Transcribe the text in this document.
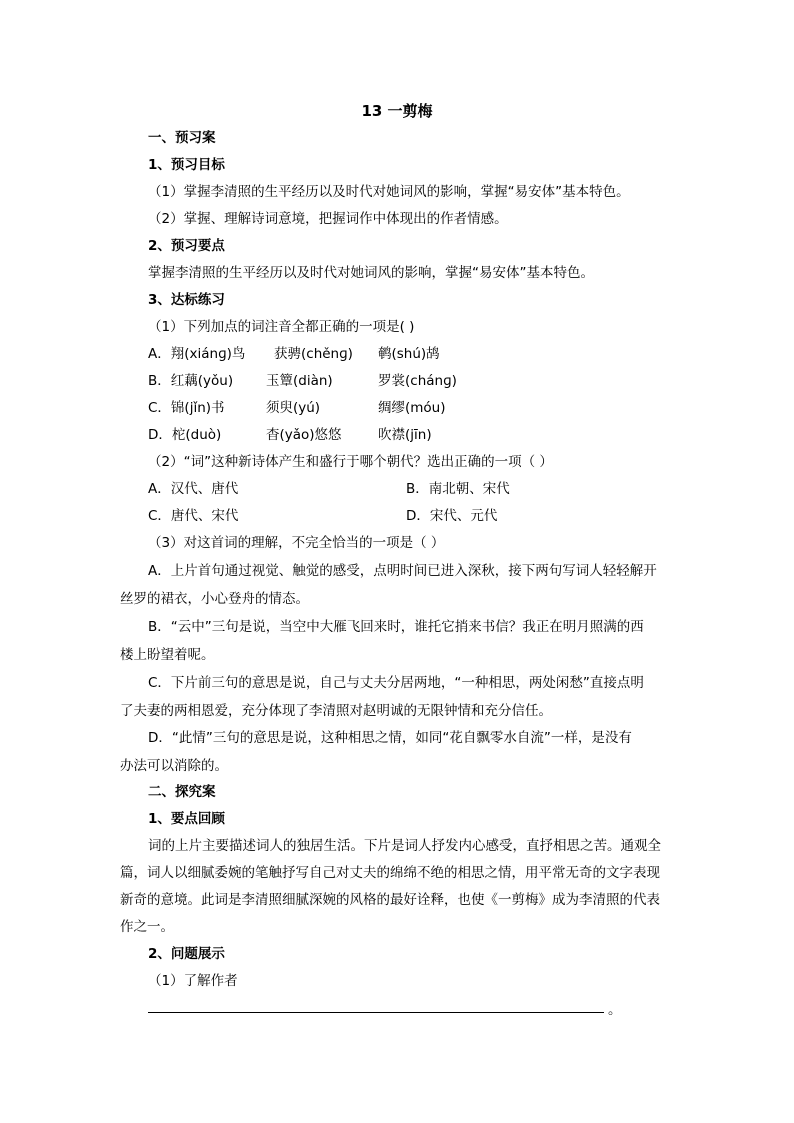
13 一剪梅
一、预习案
1、预习目标
（1）掌握李清照的生平经历以及时代对她词风的影响，掌握“易安体”基本特色。
（2）掌握、理解诗词意境，把握词作中体现出的作者情感。
2、预习要点
掌握李清照的生平经历以及时代对她词风的影响，掌握“易安体”基本特色。
3、达标练习
（1）下列加点的词注音全都正确的一项是( )
A．翔(xiánɡ)鸟 获骋(chěnɡ) 鹌(shú)鸪
B．红藕(yǒu) 玉簟(diàn)	罗裳(chánɡ)
C．锦(jǐn)书	须臾(yú)	绸缪(móu)
D．柁(duò)	杳(yǎo)悠悠	吹襟(jīn)
（2）“词”这种新诗体产生和盛行于哪个朝代？选出正确的一项（ ）
A．汉代、唐代	B．南北朝、宋代
C．唐代、宋代	D．宋代、元代
（3）对这首词的理解，不完全恰当的一项是（ ）
A．上片首句通过视觉、触觉的感受，点明时间已进入深秋，接下两句写词人轻轻解开
丝罗的裙衣，小心登舟的情态。
B．“云中”三句是说，当空中大雁飞回来时，谁托它捎来书信？我正在明月照满的西
楼上盼望着呢。
C．下片前三句的意思是说，自己与丈夫分居两地，“一种相思，两处闲愁”直接点明
了夫妻的两相恩爱，充分体现了李清照对赵明诚的无限钟情和充分信任。
D．“此情”三句的意思是说，这种相思之情，如同“花自飘零水自流”一样，是没有
办法可以消除的。
二、探究案
1、要点回顾
词的上片主要描述词人的独居生活。下片是词人抒发内心感受，直抒相思之苦。通观全
篇，词人以细腻委婉的笔触抒写自己对丈夫的绵绵不绝的相思之情，用平常无奇的文字表现
新奇的意境。此词是李清照细腻深婉的风格的最好诠释，也使《一剪梅》成为李清照的代表
作之一。
2、问题展示
（1）了解作者
。
